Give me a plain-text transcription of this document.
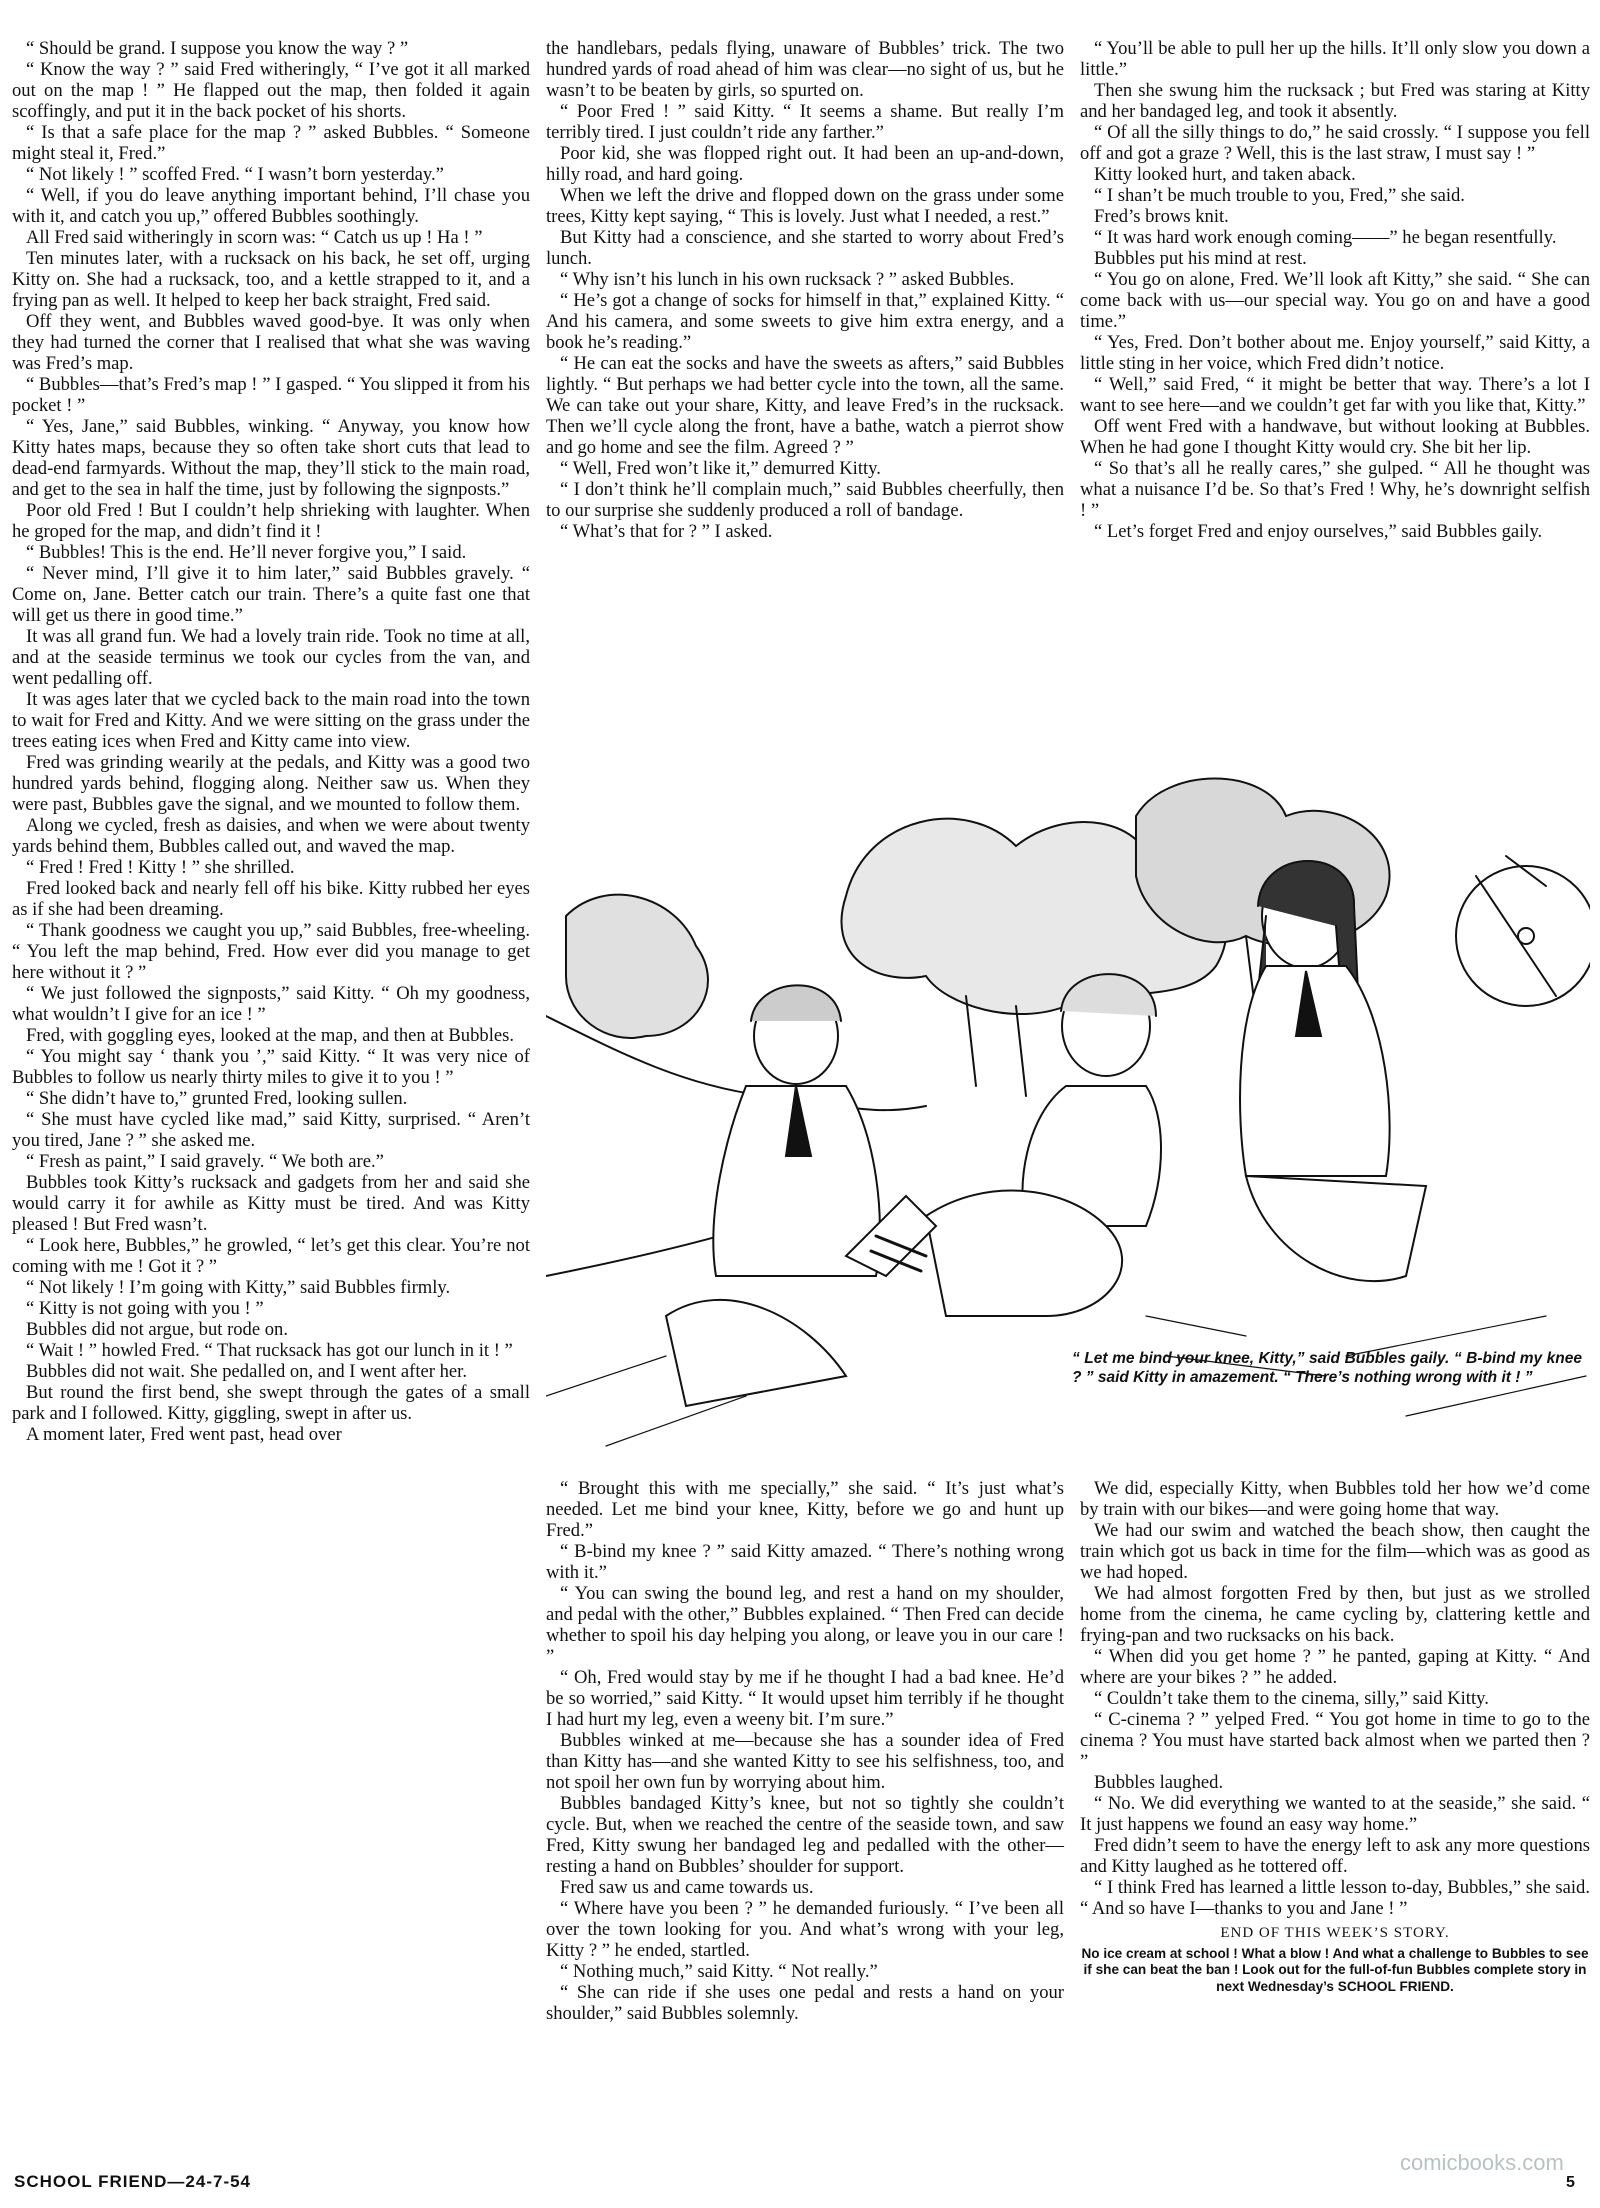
“ Should be grand. I suppose you know the way ? ”

“ Know the way ? ” said Fred witheringly, “ I’ve got it all marked out on the map ! ” He flapped out the map, then folded it again scoffingly, and put it in the back pocket of his shorts.

“ Is that a safe place for the map ? ” asked Bubbles. “ Someone might steal it, Fred.”

“ Not likely ! ” scoffed Fred. “ I wasn’t born yesterday.”

“ Well, if you do leave anything important behind, I’ll chase you with it, and catch you up,” offered Bubbles soothingly.

All Fred said witheringly in scorn was: “ Catch us up ! Ha ! ”

Ten minutes later, with a rucksack on his back, he set off, urging Kitty on. She had a rucksack, too, and a kettle strapped to it, and a frying pan as well. It helped to keep her back straight, Fred said.

Off they went, and Bubbles waved good-bye. It was only when they had turned the corner that I realised that what she was waving was Fred’s map.

“ Bubbles—that’s Fred’s map ! ” I gasped. “ You slipped it from his pocket ! ”

“ Yes, Jane,” said Bubbles, winking. “ Anyway, you know how Kitty hates maps, because they so often take short cuts that lead to dead-end farmyards. Without the map, they’ll stick to the main road, and get to the sea in half the time, just by following the signposts.”

Poor old Fred ! But I couldn’t help shrieking with laughter. When he groped for the map, and didn’t find it !

“ Bubbles! This is the end. He’ll never forgive you,” I said.

“ Never mind, I’ll give it to him later,” said Bubbles gravely. “ Come on, Jane. Better catch our train. There’s a quite fast one that will get us there in good time.”

It was all grand fun. We had a lovely train ride. Took no time at all, and at the seaside terminus we took our cycles from the van, and went pedalling off.

It was ages later that we cycled back to the main road into the town to wait for Fred and Kitty. And we were sitting on the grass under the trees eating ices when Fred and Kitty came into view.

Fred was grinding wearily at the pedals, and Kitty was a good two hundred yards behind, flogging along. Neither saw us. When they were past, Bubbles gave the signal, and we mounted to follow them.

Along we cycled, fresh as daisies, and when we were about twenty yards behind them, Bubbles called out, and waved the map.

“ Fred ! Fred ! Kitty ! ” she shrilled.

Fred looked back and nearly fell off his bike. Kitty rubbed her eyes as if she had been dreaming.

“ Thank goodness we caught you up,” said Bubbles, free-wheeling. “ You left the map behind, Fred. How ever did you manage to get here without it ? ”

“ We just followed the signposts,” said Kitty. “ Oh my goodness, what wouldn’t I give for an ice ! ”

Fred, with goggling eyes, looked at the map, and then at Bubbles.

“ You might say ‘ thank you ’,” said Kitty. “ It was very nice of Bubbles to follow us nearly thirty miles to give it to you ! ”

“ She didn’t have to,” grunted Fred, looking sullen.

“ She must have cycled like mad,” said Kitty, surprised. “ Aren’t you tired, Jane ? ” she asked me.

“ Fresh as paint,” I said gravely. “ We both are.”

Bubbles took Kitty’s rucksack and gadgets from her and said she would carry it for awhile as Kitty must be tired. And was Kitty pleased ! But Fred wasn’t.

“ Look here, Bubbles,” he growled, “ let’s get this clear. You’re not coming with me ! Got it ? ”

“ Not likely ! I’m going with Kitty,” said Bubbles firmly.

“ Kitty is not going with you ! ”

Bubbles did not argue, but rode on.

“ Wait ! ” howled Fred. “ That rucksack has got our lunch in it ! ”

Bubbles did not wait. She pedalled on, and I went after her.

But round the first bend, she swept through the gates of a small park and I followed. Kitty, giggling, swept in after us.

A moment later, Fred went past, head over

the handlebars, pedals flying, unaware of Bubbles’ trick. The two hundred yards of road ahead of him was clear—no sight of us, but he wasn’t to be beaten by girls, so spurted on.

“ Poor Fred ! ” said Kitty. “ It seems a shame. But really I’m terribly tired. I just couldn’t ride any farther.”

Poor kid, she was flopped right out. It had been an up-and-down, hilly road, and hard going.

When we left the drive and flopped down on the grass under some trees, Kitty kept saying, “ This is lovely. Just what I needed, a rest.”

But Kitty had a conscience, and she started to worry about Fred’s lunch.

“ Why isn’t his lunch in his own rucksack ? ” asked Bubbles.

“ He’s got a change of socks for himself in that,” explained Kitty. “ And his camera, and some sweets to give him extra energy, and a book he’s reading.”

“ He can eat the socks and have the sweets as afters,” said Bubbles lightly. “ But perhaps we had better cycle into the town, all the same. We can take out your share, Kitty, and leave Fred’s in the rucksack. Then we’ll cycle along the front, have a bathe, watch a pierrot show and go home and see the film. Agreed ? ”

“ Well, Fred won’t like it,” demurred Kitty.

“ I don’t think he’ll complain much,” said Bubbles cheerfully, then to our surprise she suddenly produced a roll of bandage.

“ What’s that for ? ” I asked.

“ You’ll be able to pull her up the hills. It’ll only slow you down a little.”

Then she swung him the rucksack ; but Fred was staring at Kitty and her bandaged leg, and took it absently.

“ Of all the silly things to do,” he said crossly. “ I suppose you fell off and got a graze ? Well, this is the last straw, I must say ! ”

Kitty looked hurt, and taken aback.

“ I shan’t be much trouble to you, Fred,” she said.

Fred’s brows knit.

“ It was hard work enough coming——” he began resentfully.

Bubbles put his mind at rest.

“ You go on alone, Fred. We’ll look aft Kitty,” she said. “ She can come back with us—our special way. You go on and have a good time.”

“ Yes, Fred. Don’t bother about me. Enjoy yourself,” said Kitty, a little sting in her voice, which Fred didn’t notice.

“ Well,” said Fred, “ it might be better that way. There’s a lot I want to see here—and we couldn’t get far with you like that, Kitty.”

Off went Fred with a handwave, but without looking at Bubbles. When he had gone I thought Kitty would cry. She bit her lip.

“ So that’s all he really cares,” she gulped. “ All he thought was what a nuisance I’d be. So that’s Fred ! Why, he’s downright selfish ! ”

“ Let’s forget Fred and enjoy ourselves,” said Bubbles gaily.

“ Let me bind your knee, Kitty,” said Bubbles gaily. “ B-bind my knee ? ” said Kitty in amazement. “ There’s nothing wrong with it ! ”

“ Brought this with me specially,” she said. “ It’s just what’s needed. Let me bind your knee, Kitty, before we go and hunt up Fred.”

“ B-bind my knee ? ” said Kitty amazed. “ There’s nothing wrong with it.”

“ You can swing the bound leg, and rest a hand on my shoulder, and pedal with the other,” Bubbles explained. “ Then Fred can decide whether to spoil his day helping you along, or leave you in our care ! ”

“ Oh, Fred would stay by me if he thought I had a bad knee. He’d be so worried,” said Kitty. “ It would upset him terribly if he thought I had hurt my leg, even a weeny bit. I’m sure.”

Bubbles winked at me—because she has a sounder idea of Fred than Kitty has—and she wanted Kitty to see his selfishness, too, and not spoil her own fun by worrying about him.

Bubbles bandaged Kitty’s knee, but not so tightly she couldn’t cycle. But, when we reached the centre of the seaside town, and saw Fred, Kitty swung her bandaged leg and pedalled with the other—resting a hand on Bubbles’ shoulder for support.

Fred saw us and came towards us.

“ Where have you been ? ” he demanded furiously. “ I’ve been all over the town looking for you. And what’s wrong with your leg, Kitty ? ” he ended, startled.

“ Nothing much,” said Kitty. “ Not really.”

“ She can ride if she uses one pedal and rests a hand on your shoulder,” said Bubbles solemnly.

We did, especially Kitty, when Bubbles told her how we’d come by train with our bikes—and were going home that way.

We had our swim and watched the beach show, then caught the train which got us back in time for the film—which was as good as we had hoped.

We had almost forgotten Fred by then, but just as we strolled home from the cinema, he came cycling by, clattering kettle and frying-pan and two rucksacks on his back.

“ When did you get home ? ” he panted, gaping at Kitty. “ And where are your bikes ? ” he added.

“ Couldn’t take them to the cinema, silly,” said Kitty.

“ C-cinema ? ” yelped Fred. “ You got home in time to go to the cinema ? You must have started back almost when we parted then ? ”

Bubbles laughed.

“ No. We did everything we wanted to at the seaside,” she said. “ It just happens we found an easy way home.”

Fred didn’t seem to have the energy left to ask any more questions and Kitty laughed as he tottered off.

“ I think Fred has learned a little lesson to-day, Bubbles,” she said. “ And so have I—thanks to you and Jane ! ”

END OF THIS WEEK’S STORY.

No ice cream at school ! What a blow ! And what a challenge to Bubbles to see if she can beat the ban ! Look out for the full-of-fun Bubbles complete story in next Wednesday’s SCHOOL FRIEND.
comicbooks.com
SCHOOL FRIEND—24-7-54	5
